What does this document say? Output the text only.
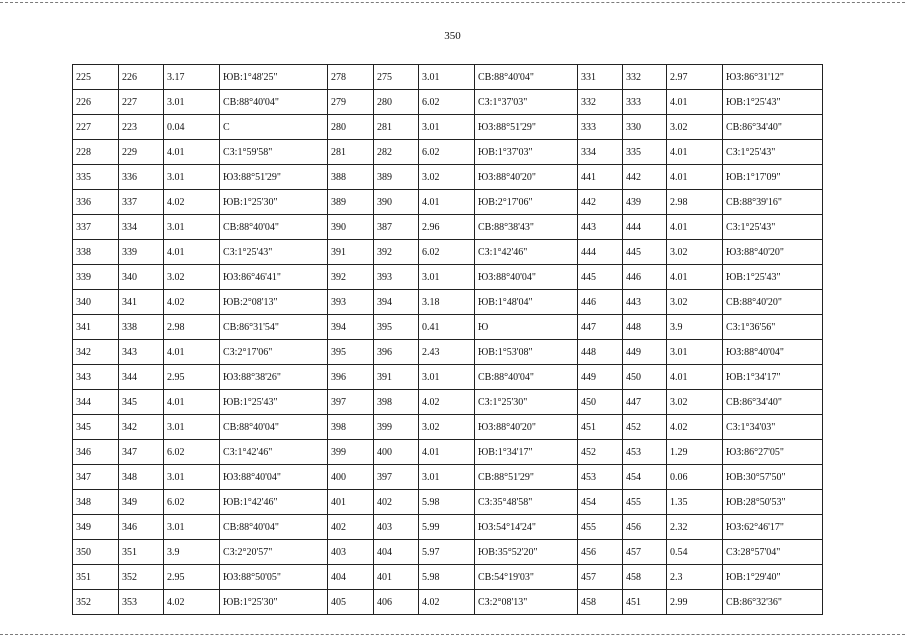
350
225	226	3.17	ЮВ:1°48'25"	278	275	3.01	СВ:88°40'04"	331	332	2.97	ЮЗ:86°31'12"
226	227	3.01	СВ:88°40'04"	279	280	6.02	СЗ:1°37'03"	332	333	4.01	ЮВ:1°25'43"
227	223	0.04	С	280	281	3.01	ЮЗ:88°51'29"	333	330	3.02	СВ:86°34'40"
228	229	4.01	СЗ:1°59'58"	281	282	6.02	ЮВ:1°37'03"	334	335	4.01	СЗ:1°25'43"
335	336	3.01	ЮЗ:88°51'29"	388	389	3.02	ЮЗ:88°40'20"	441	442	4.01	ЮВ:1°17'09"
336	337	4.02	ЮВ:1°25'30"	389	390	4.01	ЮВ:2°17'06"	442	439	2.98	СВ:88°39'16"
337	334	3.01	СВ:88°40'04"	390	387	2.96	СВ:88°38'43"	443	444	4.01	СЗ:1°25'43"
338	339	4.01	СЗ:1°25'43"	391	392	6.02	СЗ:1°42'46"	444	445	3.02	ЮЗ:88°40'20"
339	340	3.02	ЮЗ:86°46'41"	392	393	3.01	ЮЗ:88°40'04"	445	446	4.01	ЮВ:1°25'43"
340	341	4.02	ЮВ:2°08'13"	393	394	3.18	ЮВ:1°48'04"	446	443	3.02	СВ:88°40'20"
341	338	2.98	СВ:86°31'54"	394	395	0.41	Ю	447	448	3.9	СЗ:1°36'56"
342	343	4.01	СЗ:2°17'06"	395	396	2.43	ЮВ:1°53'08"	448	449	3.01	ЮЗ:88°40'04"
343	344	2.95	ЮЗ:88°38'26"	396	391	3.01	СВ:88°40'04"	449	450	4.01	ЮВ:1°34'17"
344	345	4.01	ЮВ:1°25'43"	397	398	4.02	СЗ:1°25'30"	450	447	3.02	СВ:86°34'40"
345	342	3.01	СВ:88°40'04"	398	399	3.02	ЮЗ:88°40'20"	451	452	4.02	СЗ:1°34'03"
346	347	6.02	СЗ:1°42'46"	399	400	4.01	ЮВ:1°34'17"	452	453	1.29	ЮЗ:86°27'05"
347	348	3.01	ЮЗ:88°40'04"	400	397	3.01	СВ:88°51'29"	453	454	0.06	ЮВ:30°57'50"
348	349	6.02	ЮВ:1°42'46"	401	402	5.98	СЗ:35°48'58"	454	455	1.35	ЮВ:28°50'53"
349	346	3.01	СВ:88°40'04"	402	403	5.99	ЮЗ:54°14'24"	455	456	2.32	ЮЗ:62°46'17"
350	351	3.9	СЗ:2°20'57"	403	404	5.97	ЮВ:35°52'20"	456	457	0.54	СЗ:28°57'04"
351	352	2.95	ЮЗ:88°50'05"	404	401	5.98	СВ:54°19'03"	457	458	2.3	ЮВ:1°29'40"
352	353	4.02	ЮВ:1°25'30"	405	406	4.02	СЗ:2°08'13"	458	451	2.99	СВ:86°32'36"
